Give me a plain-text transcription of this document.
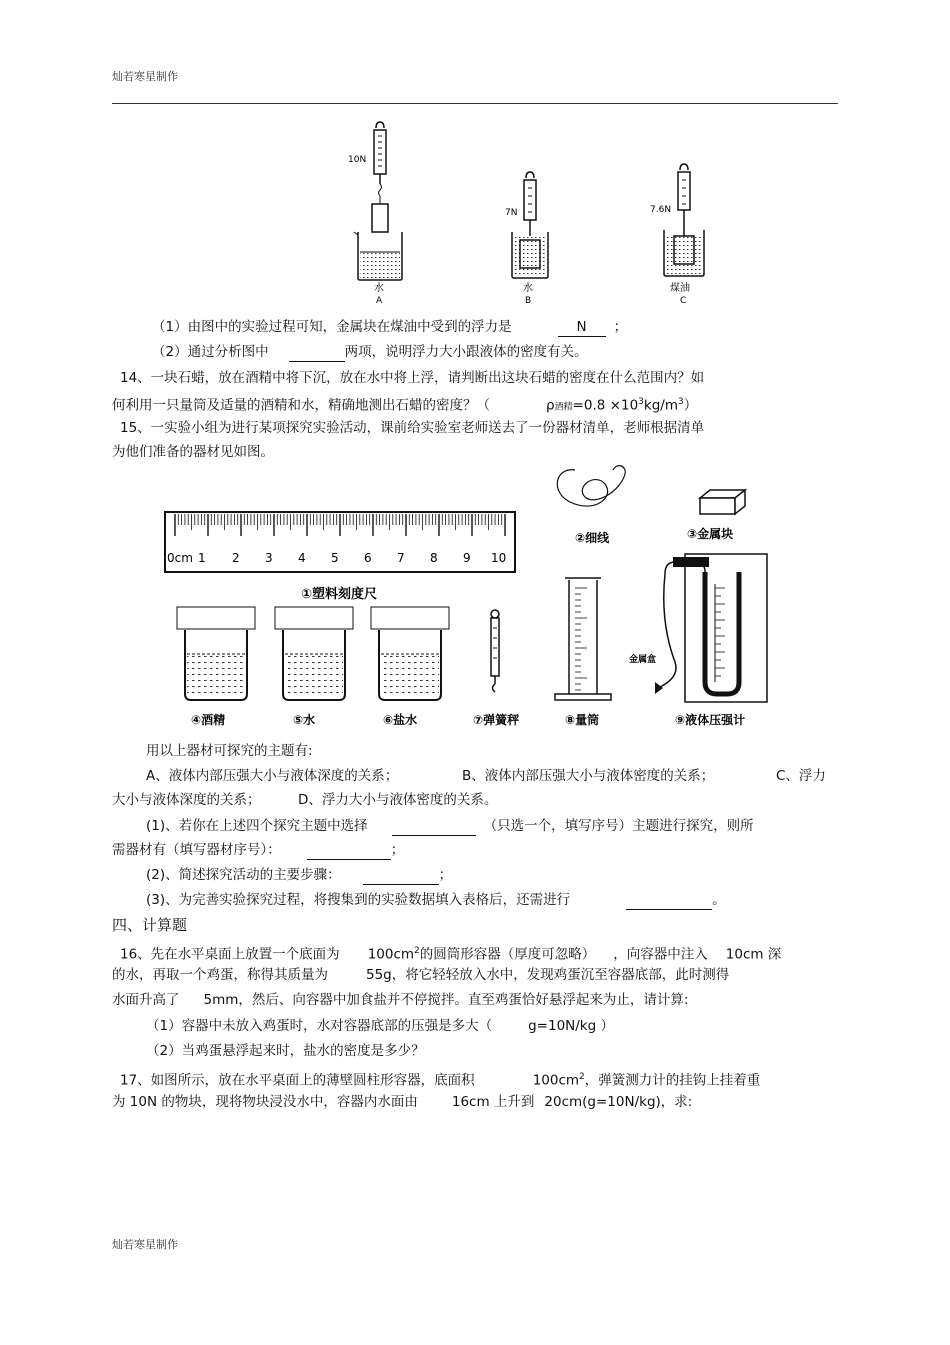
灿若寒星制作
10N
水
A
7N
水
B
7.6N
煤油
C
（1）由图中的实验过程可知，金属块在煤油中受到的浮力是	N ；
（2）通过分析图中	两项，说明浮力大小跟液体的密度有关。
14、一块石蜡，放在酒精中将下沉，放在水中将上浮，请判断出这块石蜡的密度在什么范围内？如
何利用一只量筒及适量的酒精和水，精确地测出石蜡的密度？（	ρ酒精$=0.8 \times 10^3kg/m^3$）
15、一实验小组为进行某项探究实验活动，课前给实验室老师送去了一份器材清单，老师根据清单
为他们准备的器材见如图。
0cm 1 2 3 4 5 6 7 8 9 10
①塑料刻度尺
②细线	③金属块
④酒精	⑤水	⑥盐水	⑦弹簧秤	⑧量筒
金属盒
⑨液体压强计
用以上器材可探究的主题有:
A、液体内部压强大小与液体深度的关系；	B、液体内部压强大小与液体密度的关系；	C、浮力
大小与液体深度的关系；	D、浮力大小与液体密度的关系。
(1)、若你在上述四个探究主题中选择	（只选一个，填写序号）主题进行探究，则所
需器材有（填写器材序号）：	；
(2)、简述探究活动的主要步骤：	；
(3)、为完善实验探究过程，将搜集到的实验数据填入表格后，还需进行	。
四、计算题
16、先在水平桌面上放置一个底面为 $100cm^2$的圆筒形容器（厚度可忽略） ，向容器中注入 10cm 深
的水，再取一个鸡蛋，称得其质量为	55g，将它轻轻放入水中，发现鸡蛋沉至容器底部，此时测得
水面升高了 5mm，然后、向容器中加食盐并不停搅拌。直至鸡蛋恰好悬浮起来为止，请计算:
（1）容器中未放入鸡蛋时，水对容器底部的压强是多大（	g=10N/kg ）
（2）当鸡蛋悬浮起来时，盐水的密度是多少？
17、如图所示，放在水平桌面上的薄壁圆柱形容器，底面积	$100cm^2$，弹簧测力计的挂钩上挂着重
为 10N 的物块，现将物块浸没水中，容器内水面由	16cm 上升到 20cm(g=10N/kg)，求:
灿若寒星制作
